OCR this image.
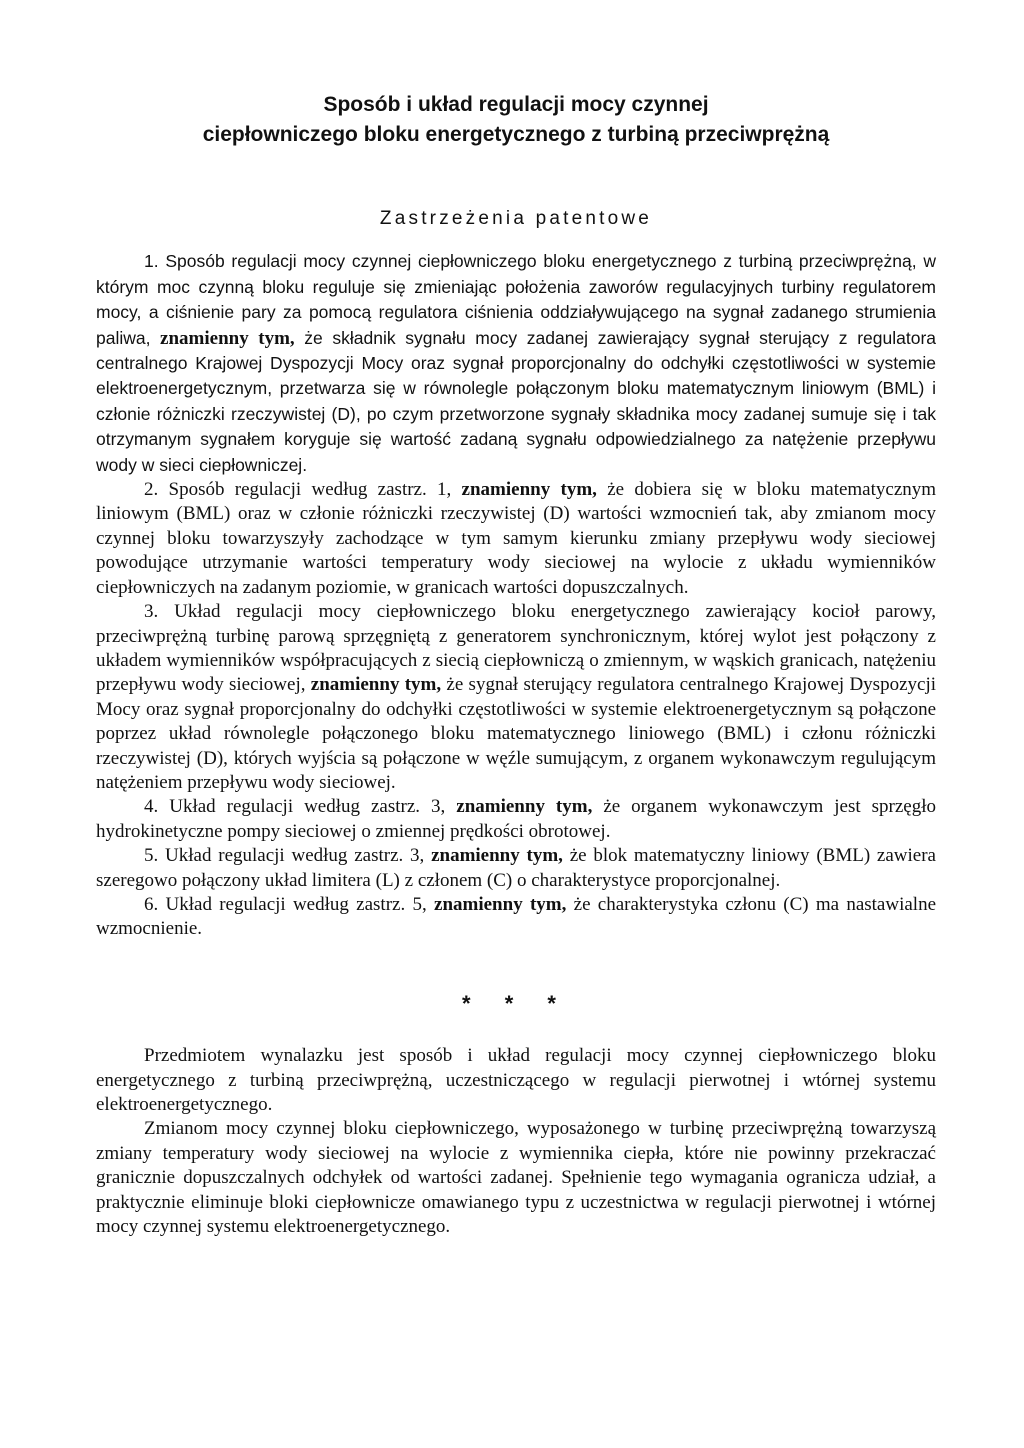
Sposób i układ regulacji mocy czynnej

ciepłowniczego bloku energetycznego z turbiną przeciwprężną

Zastrzeżenia patentowe

1. Sposób regulacji mocy czynnej ciepłowniczego bloku energetycznego z turbiną przeciwprężną, w którym moc czynną bloku reguluje się zmieniając położenia zaworów regulacyjnych turbiny regulatorem mocy, a ciśnienie pary za pomocą regulatora ciśnienia oddziaływującego na sygnał zadanego strumienia paliwa, znamienny tym, że składnik sygnału mocy zadanej zawierający sygnał sterujący z regulatora centralnego Krajowej Dyspozycji Mocy oraz sygnał proporcjonalny do odchyłki częstotliwości w systemie elektroenergetycznym, przetwarza się w równolegle połączonym bloku matematycznym liniowym (BML) i członie różniczki rzeczywistej (D), po czym przetworzone sygnały składnika mocy zadanej sumuje się i tak otrzymanym sygnałem koryguje się wartość zadaną sygnału odpowiedzialnego za natężenie przepływu wody w sieci ciepłowniczej.

2. Sposób regulacji według zastrz. 1, znamienny tym, że dobiera się w bloku matematycznym liniowym (BML) oraz w członie różniczki rzeczywistej (D) wartości wzmocnień tak, aby zmianom mocy czynnej bloku towarzyszyły zachodzące w tym samym kierunku zmiany przepływu wody sieciowej powodujące utrzymanie wartości temperatury wody sieciowej na wylocie z układu wymienników ciepłowniczych na zadanym poziomie, w granicach wartości dopuszczalnych.

3. Układ regulacji mocy ciepłowniczego bloku energetycznego zawierający kocioł parowy, przeciwprężną turbinę parową sprzęgniętą z generatorem synchronicznym, której wylot jest połączony z układem wymienników współpracujących z siecią ciepłowniczą o zmiennym, w wąskich granicach, natężeniu przepływu wody sieciowej, znamienny tym, że sygnał sterujący regulatora centralnego Krajowej Dyspozycji Mocy oraz sygnał proporcjonalny do odchyłki częstotliwości w systemie elektroenergetycznym są połączone poprzez układ równolegle połączonego bloku matematycznego liniowego (BML) i członu różniczki rzeczywistej (D), których wyjścia są połączone w węźle sumującym, z organem wykonawczym regulującym natężeniem przepływu wody sieciowej.

4. Układ regulacji według zastrz. 3, znamienny tym, że organem wykonawczym jest sprzęgło hydrokinetyczne pompy sieciowej o zmiennej prędkości obrotowej.

5. Układ regulacji według zastrz. 3, znamienny tym, że blok matematyczny liniowy (BML) zawiera szeregowo połączony układ limitera (L) z członem (C) o charakterystyce proporcjonalnej.

6. Układ regulacji według zastrz. 5, znamienny tym, że charakterystyka członu (C) ma nastawialne wzmocnienie.

* * *

Przedmiotem wynalazku jest sposób i układ regulacji mocy czynnej ciepłowniczego bloku energetycznego z turbiną przeciwprężną, uczestniczącego w regulacji pierwotnej i wtórnej systemu elektroenergetycznego.

Zmianom mocy czynnej bloku ciepłowniczego, wyposażonego w turbinę przeciwprężną towarzyszą zmiany temperatury wody sieciowej na wylocie z wymiennika ciepła, które nie powinny przekraczać granicznie dopuszczalnych odchyłek od wartości zadanej. Spełnienie tego wymagania ogranicza udział, a praktycznie eliminuje bloki ciepłownicze omawianego typu z uczestnictwa w regulacji pierwotnej i wtórnej mocy czynnej systemu elektroenergetycznego.
